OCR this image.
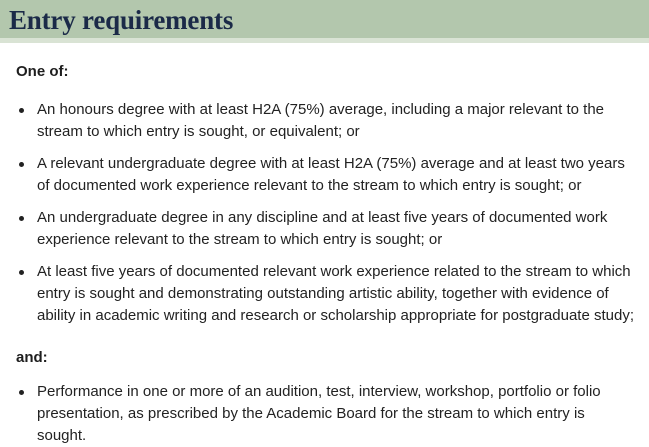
Entry requirements

One of:

An honours degree with at least H2A (75%) average, including a major relevant to the stream to which entry is sought, or equivalent; or
A relevant undergraduate degree with at least H2A (75%) average and at least two years of documented work experience relevant to the stream to which entry is sought; or
An undergraduate degree in any discipline and at least five years of documented work experience relevant to the stream to which entry is sought; or
At least five years of documented relevant work experience related to the stream to which entry is sought and demonstrating outstanding artistic ability, together with evidence of ability in academic writing and research or scholarship appropriate for postgraduate study;

and:

Performance in one or more of an audition, test, interview, workshop, portfolio or folio presentation, as prescribed by the Academic Board for the stream to which entry is sought.
